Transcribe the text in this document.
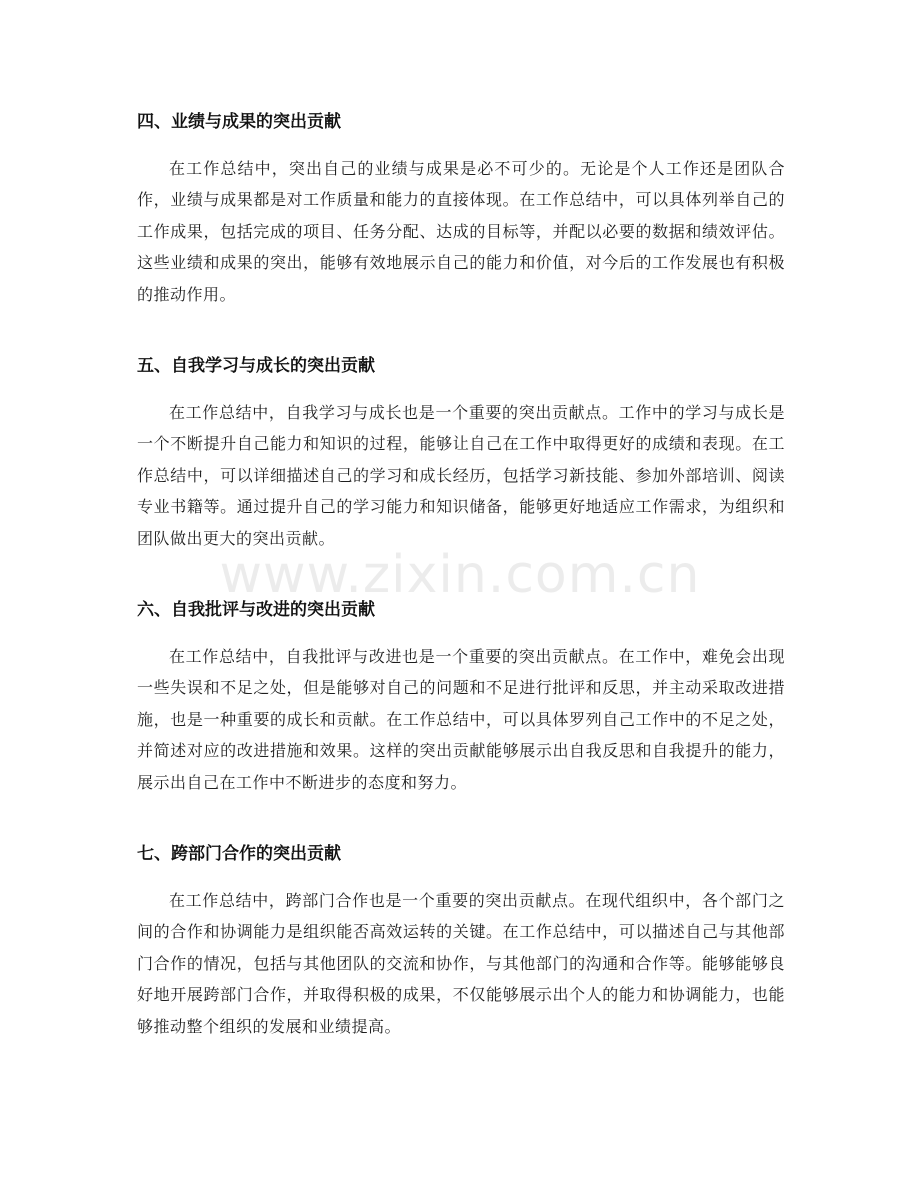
www.zixin.com.cn
四、业绩与成果的突出贡献

在工作总结中，突出自己的业绩与成果是必不可少的。无论是个人工作还是团队合作，业绩与成果都是对工作质量和能力的直接体现。在工作总结中，可以具体列举自己的工作成果，包括完成的项目、任务分配、达成的目标等，并配以必要的数据和绩效评估。这些业绩和成果的突出，能够有效地展示自己的能力和价值，对今后的工作发展也有积极的推动作用。

五、自我学习与成长的突出贡献

在工作总结中，自我学习与成长也是一个重要的突出贡献点。工作中的学习与成长是一个不断提升自己能力和知识的过程，能够让自己在工作中取得更好的成绩和表现。在工作总结中，可以详细描述自己的学习和成长经历，包括学习新技能、参加外部培训、阅读专业书籍等。通过提升自己的学习能力和知识储备，能够更好地适应工作需求，为组织和团队做出更大的突出贡献。

六、自我批评与改进的突出贡献

在工作总结中，自我批评与改进也是一个重要的突出贡献点。在工作中，难免会出现一些失误和不足之处，但是能够对自己的问题和不足进行批评和反思，并主动采取改进措施，也是一种重要的成长和贡献。在工作总结中，可以具体罗列自己工作中的不足之处，并简述对应的改进措施和效果。这样的突出贡献能够展示出自我反思和自我提升的能力，展示出自己在工作中不断进步的态度和努力。

七、跨部门合作的突出贡献

在工作总结中，跨部门合作也是一个重要的突出贡献点。在现代组织中，各个部门之间的合作和协调能力是组织能否高效运转的关键。在工作总结中，可以描述自己与其他部门合作的情况，包括与其他团队的交流和协作，与其他部门的沟通和合作等。能够能够良好地开展跨部门合作，并取得积极的成果，不仅能够展示出个人的能力和协调能力，也能够推动整个组织的发展和业绩提高。
